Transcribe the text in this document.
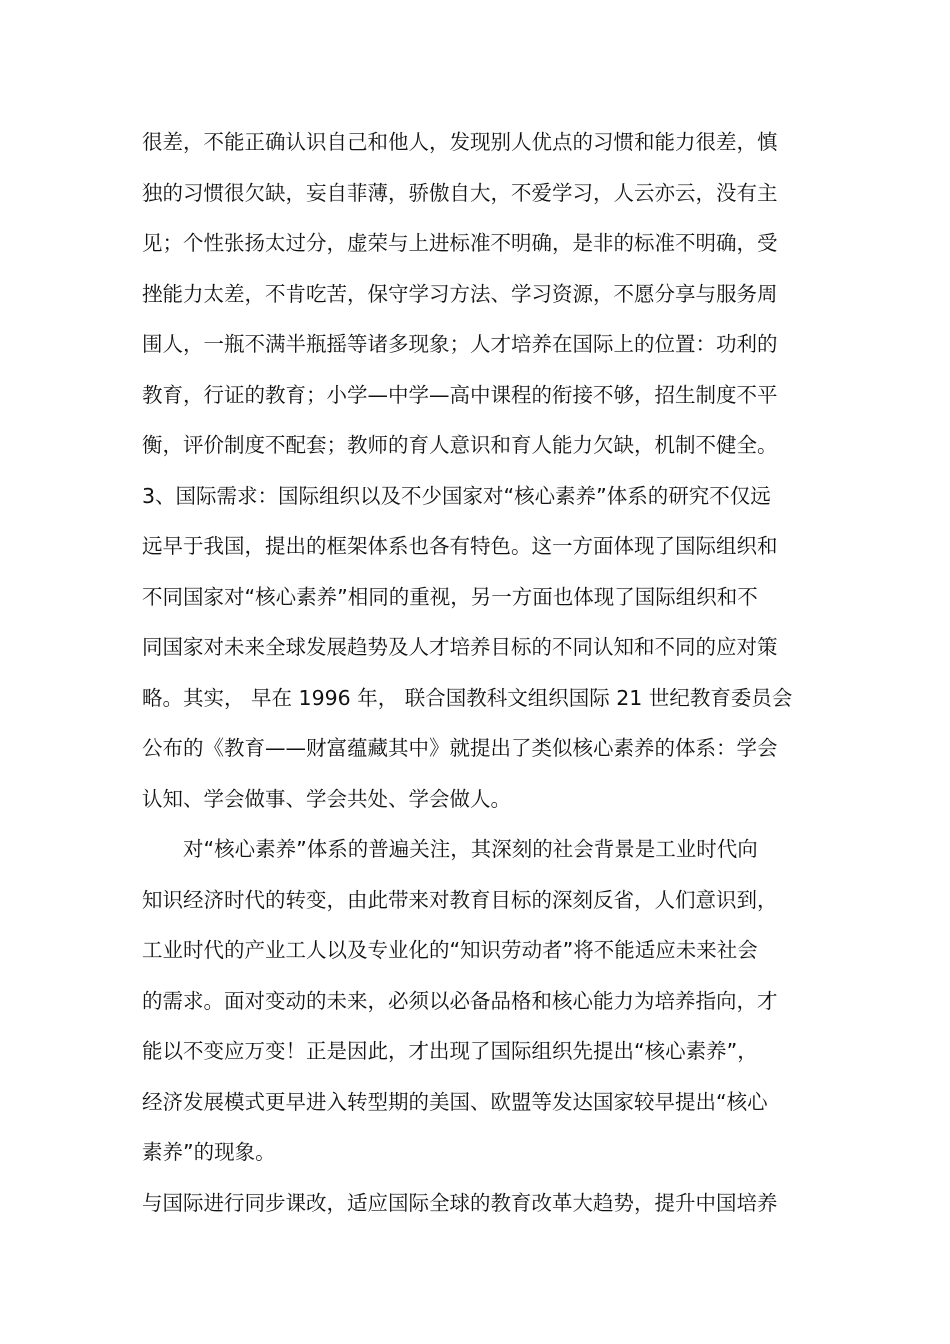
很差，不能正确认识自己和他人，发现别人优点的习惯和能力很差，慎
独的习惯很欠缺，妄自菲薄，骄傲自大，不爱学习，人云亦云，没有主
见；个性张扬太过分，虚荣与上进标准不明确，是非的标准不明确，受
挫能力太差，不肯吃苦，保守学习方法、学习资源，不愿分享与服务周
围人，一瓶不满半瓶摇等诸多现象；人才培养在国际上的位置：功利的
教育，行证的教育；小学—中学—高中课程的衔接不够，招生制度不平
衡，评价制度不配套；教师的育人意识和育人能力欠缺，机制不健全。
3、国际需求：国际组织以及不少国家对“核心素养”体系的研究不仅远
远早于我国，提出的框架体系也各有特色。这一方面体现了国际组织和
不同国家对“核心素养”相同的重视，另一方面也体现了国际组织和不
同国家对未来全球发展趋势及人才培养目标的不同认知和不同的应对策
略。其实， 早在 1996 年， 联合国教科文组织国际 21 世纪教育委员会
公布的《教育——财富蕴藏其中》就提出了类似核心素养的体系：学会
认知、学会做事、学会共处、学会做人。
对“核心素养”体系的普遍关注，其深刻的社会背景是工业时代向
知识经济时代的转变，由此带来对教育目标的深刻反省，人们意识到，
工业时代的产业工人以及专业化的“知识劳动者”将不能适应未来社会
的需求。面对变动的未来，必须以必备品格和核心能力为培养指向，才
能以不变应万变！正是因此，才出现了国际组织先提出“核心素养”，
经济发展模式更早进入转型期的美国、欧盟等发达国家较早提出“核心
素养”的现象。
与国际进行同步课改，适应国际全球的教育改革大趋势，提升中国培养
